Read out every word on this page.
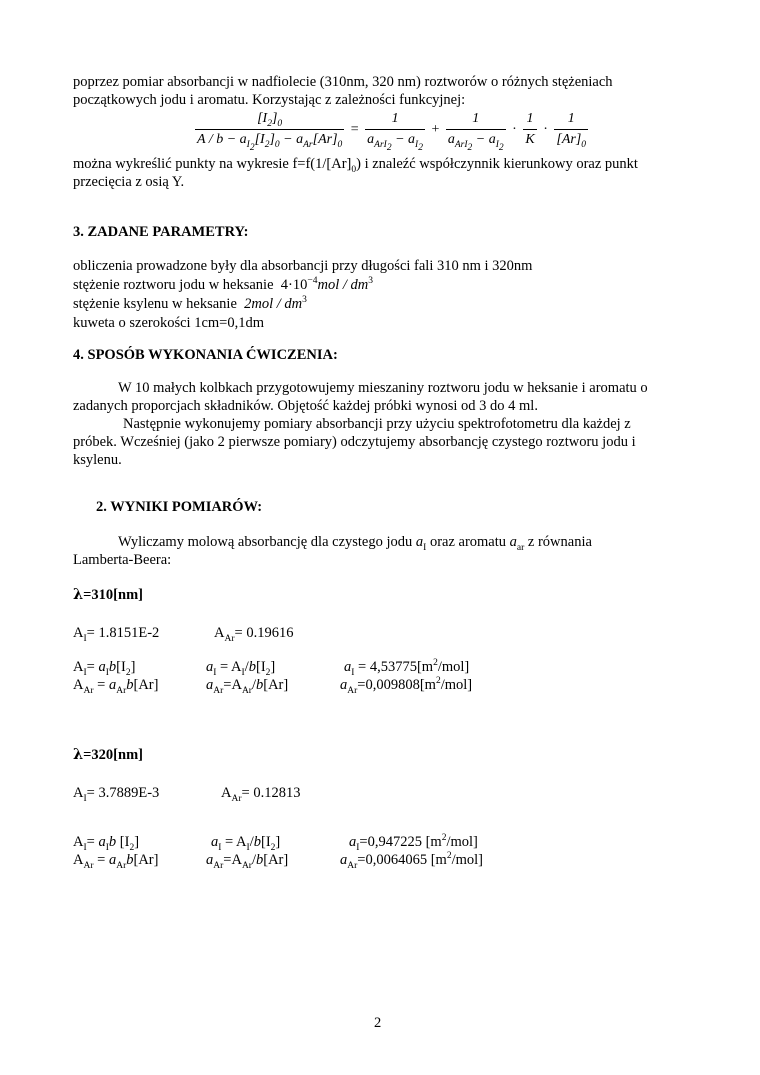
poprzez pomiar absorbancji w nadfiolecie (310nm, 320 nm) roztworów o różnych stężeniach
początkowych jodu i aromatu. Korzystając z zależności funkcyjnej:
$\frac{[I_2]_0}{A / b - a_{I_2}[I_2]_0 - a_{Ar}[Ar]_0} = \frac{1}{a_{ArI_2} - a_{I_2}} + \frac{1}{a_{ArI_2} - a_{I_2}} \cdot \frac{1}{K} \cdot \frac{1}{[Ar]_0}$
można wykreślić punkty na wykresie $f=f(1/[Ar]_0)$ i znaleźć współczynnik kierunkowy oraz punkt
przecięcia z osią Y.
3. ZADANE PARAMETRY:
obliczenia prowadzone były dla absorbancji przy długości fali 310 nm i 320nm
stężenie roztworu jodu w heksanie $4\cdot 10^{-4}mol / dm^3$
stężenie ksylenu w heksanie $2mol / dm^3$
kuweta o szerokości 1cm=0,1dm
4. SPOSÓB WYKONANIA ĆWICZENIA:
W 10 małych kolbkach przygotowujemy mieszaniny roztworu jodu w heksanie i aromatu o
zadanych proporcjach składników. Objętość każdej próbki wynosi od 3 do 4 ml.
Następnie wykonujemy pomiary absorbancji przy użyciu spektrofotometru dla każdej z
próbek. Wcześniej (jako 2 pierwsze pomiary) odczytujemy absorbancję czystego roztworu jodu i
ksylenu.
2. WYNIKI POMIARÓW:
Wyliczamy molową absorbancję dla czystego jodu $a_I$ oraz aromatu $a_{ar}$ z równania
Lamberta-Beera:
λ=310[nm]
$A_I= 1.8151E-2$	$A_{Ar}= 0.19616$
$A_I= a_Ib[I_2]$	$a_I = A_I/b[I_2]$	$a_I = 4,53775[m^2/mol]$
$A_{Ar} = a_{Ar}b[Ar]$	$a_{Ar}=A_{Ar}/b[Ar]$	$a_{Ar}=0,009808[m^2/mol]$
λ=320[nm]
$A_I= 3.7889E-3$	$A_{Ar}= 0.12813$
$A_I= a_Ib$ $[I_2]$	$a_I = A_I/b[I_2]$	$a_I=0,947225$ $[m^2/mol]$
$A_{Ar} = a_{Ar}b[Ar]$	$a_{Ar}=A_{Ar}/b[Ar]$	$a_{Ar}=0,0064065$ $[m^2/mol]$
2
